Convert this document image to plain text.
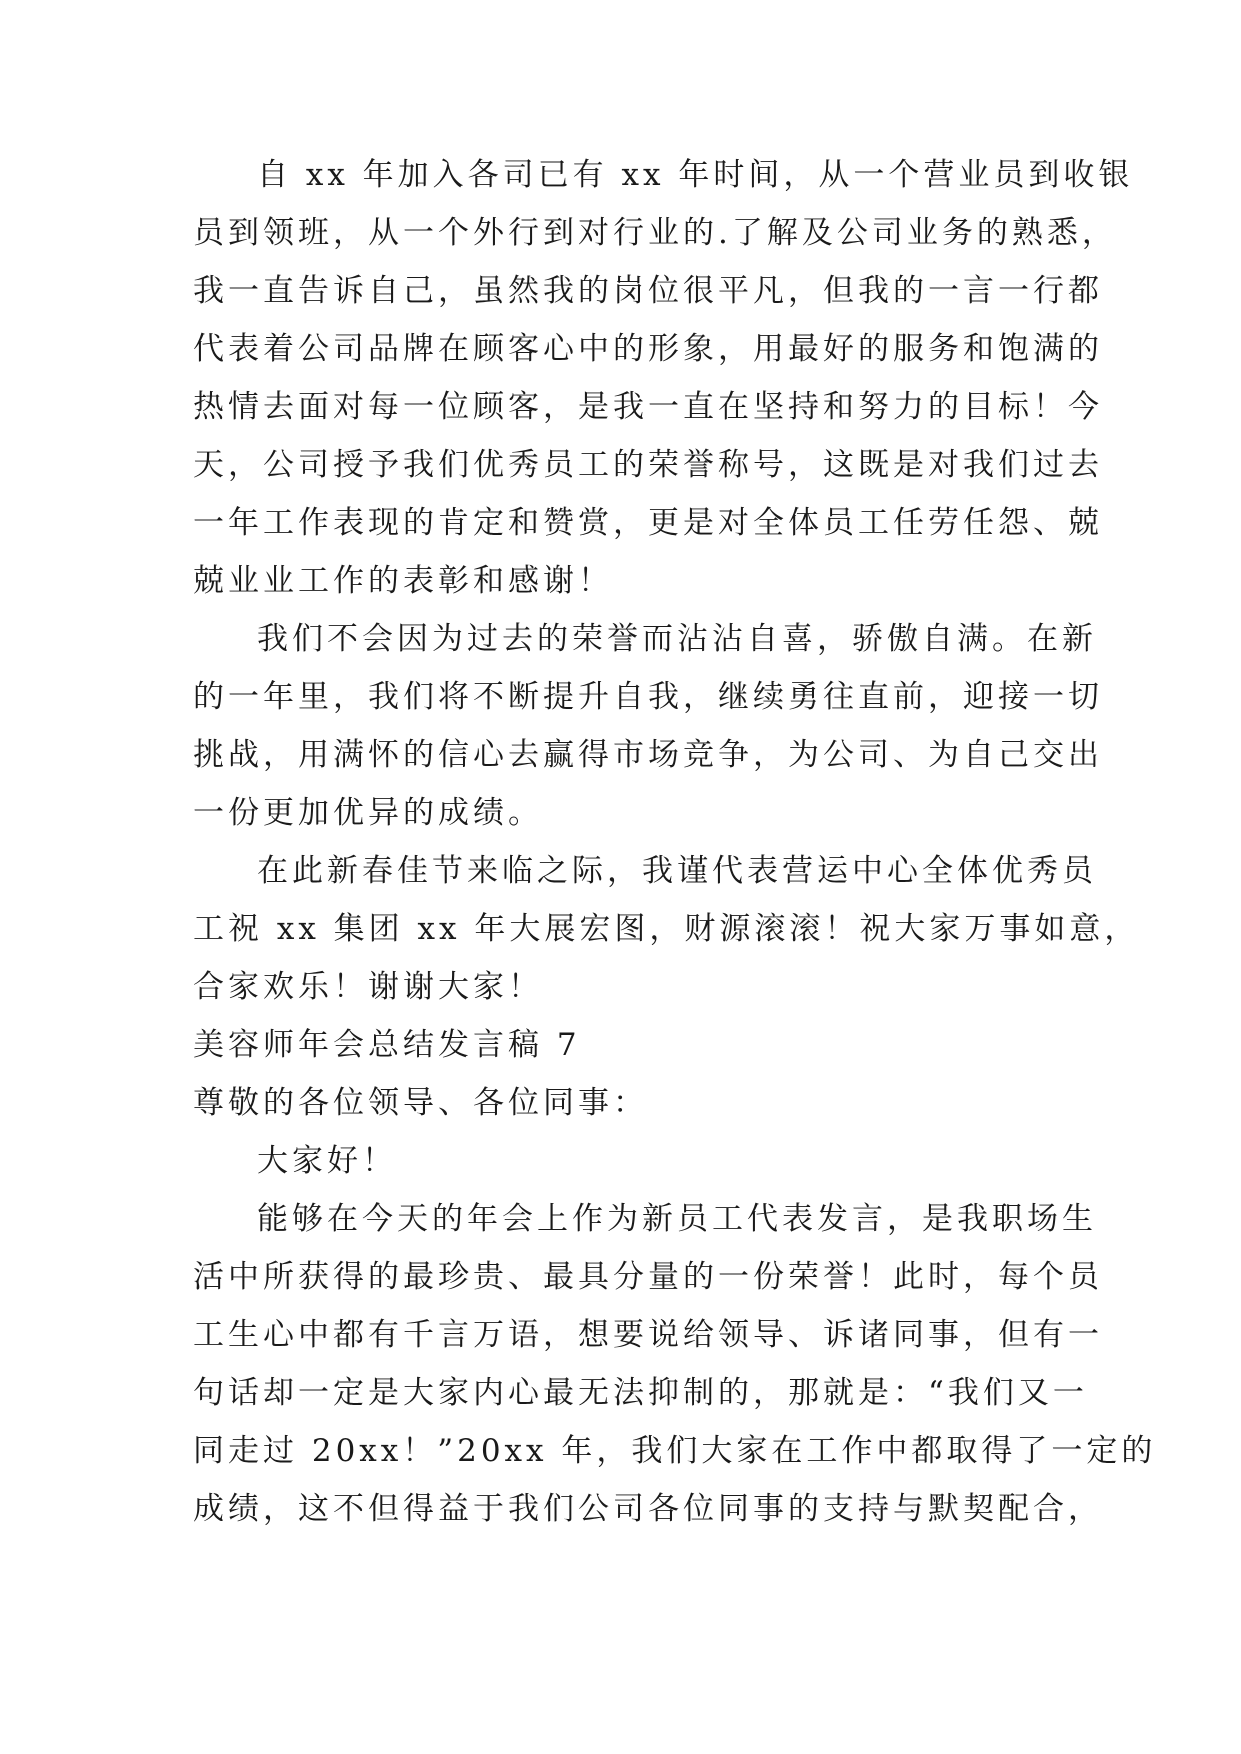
自 xx 年加入各司已有 xx 年时间，从一个营业员到收银
员到领班，从一个外行到对行业的.了解及公司业务的熟悉，
我一直告诉自己，虽然我的岗位很平凡，但我的一言一行都
代表着公司品牌在顾客心中的形象，用最好的服务和饱满的
热情去面对每一位顾客，是我一直在坚持和努力的目标！今
天，公司授予我们优秀员工的荣誉称号，这既是对我们过去
一年工作表现的肯定和赞赏，更是对全体员工任劳任怨、兢
兢业业工作的表彰和感谢！
我们不会因为过去的荣誉而沾沾自喜，骄傲自满。在新
的一年里，我们将不断提升自我，继续勇往直前，迎接一切
挑战，用满怀的信心去赢得市场竞争，为公司、为自己交出
一份更加优异的成绩。
在此新春佳节来临之际，我谨代表营运中心全体优秀员
工祝 xx 集团 xx 年大展宏图，财源滚滚！祝大家万事如意，
合家欢乐！谢谢大家！
美容师年会总结发言稿 7
尊敬的各位领导、各位同事：
大家好！
能够在今天的年会上作为新员工代表发言，是我职场生
活中所获得的最珍贵、最具分量的一份荣誉！此时，每个员
工生心中都有千言万语，想要说给领导、诉诸同事，但有一
句话却一定是大家内心最无法抑制的，那就是：“我们又一
同走过 20xx！”20xx 年，我们大家在工作中都取得了一定的
成绩，这不但得益于我们公司各位同事的支持与默契配合，
